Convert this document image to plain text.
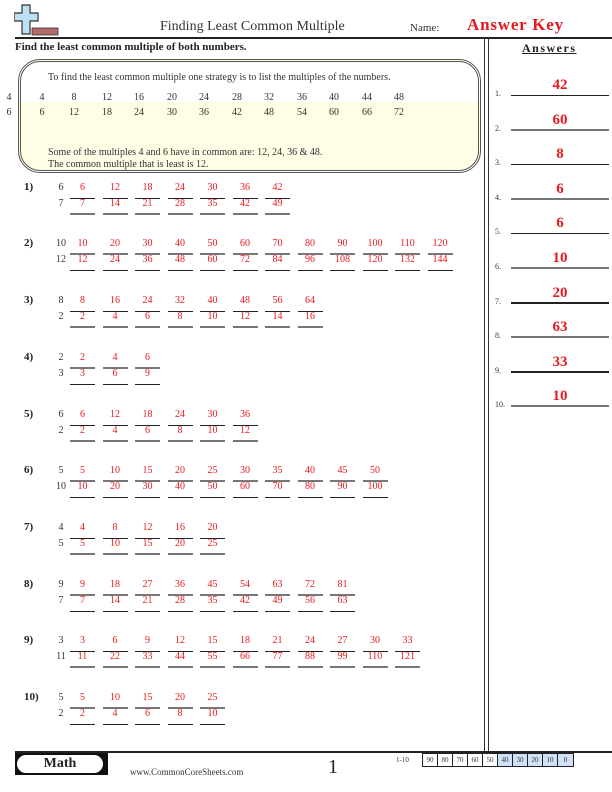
Finding Least Common Multiple	Name: Answer Key
Find the least common multiple of both numbers.
To find the least common multiple one strategy is to list the multiples of the numbers.
4	4	8	12	16	20	24	28	32	36	40	44	48
6	6	12	18	24	30	36	42	48	54	60	66	72
Some of the multiples 4 and 6 have in common are: 12, 24, 36 & 48.
The common multiple that is least is 12.
1)	6
7
6	12	18	24	30	36	42
7	14	21	28	35	42	49
2)	10
12
10	20	30	40	50	60	70	80	90	100	110	120
12	24	36	48	60	72	84	96	108	120	132	144
3)	8
2
8	16	24	32	40	48	56	64
2	4	6	8	10	12	14	16
4)	2
3
2	4	6
3	6	9
5)	6
2
6	12	18	24	30	36
2	4	6	8	10	12
6)	5
10
5	10	15	20	25	30	35	40	45	50
10	20	30	40	50	60	70	80	90	100
7)	4
5
4	8	12	16	20
5	10	15	20	25
8)	9
7
9	18	27	36	45	54	63	72	81
7	14	21	28	35	42	49	56	63
9)	3
11
3	6	9	12	15	18	21	24	27	30	33
11	22	33	44	55	66	77	88	99	110	121
10)	5
2
5	10	15	20	25
2	4	6	8	10
Answers
1.
42
2.
60
3.
8
4.
6
5.
6
6.
10
7.
20
8.
63
9.
33
10.
10
Math
www.CommonCoreSheets.com	1	1-10	90	80	70	60	50	40	30	20	10	0
